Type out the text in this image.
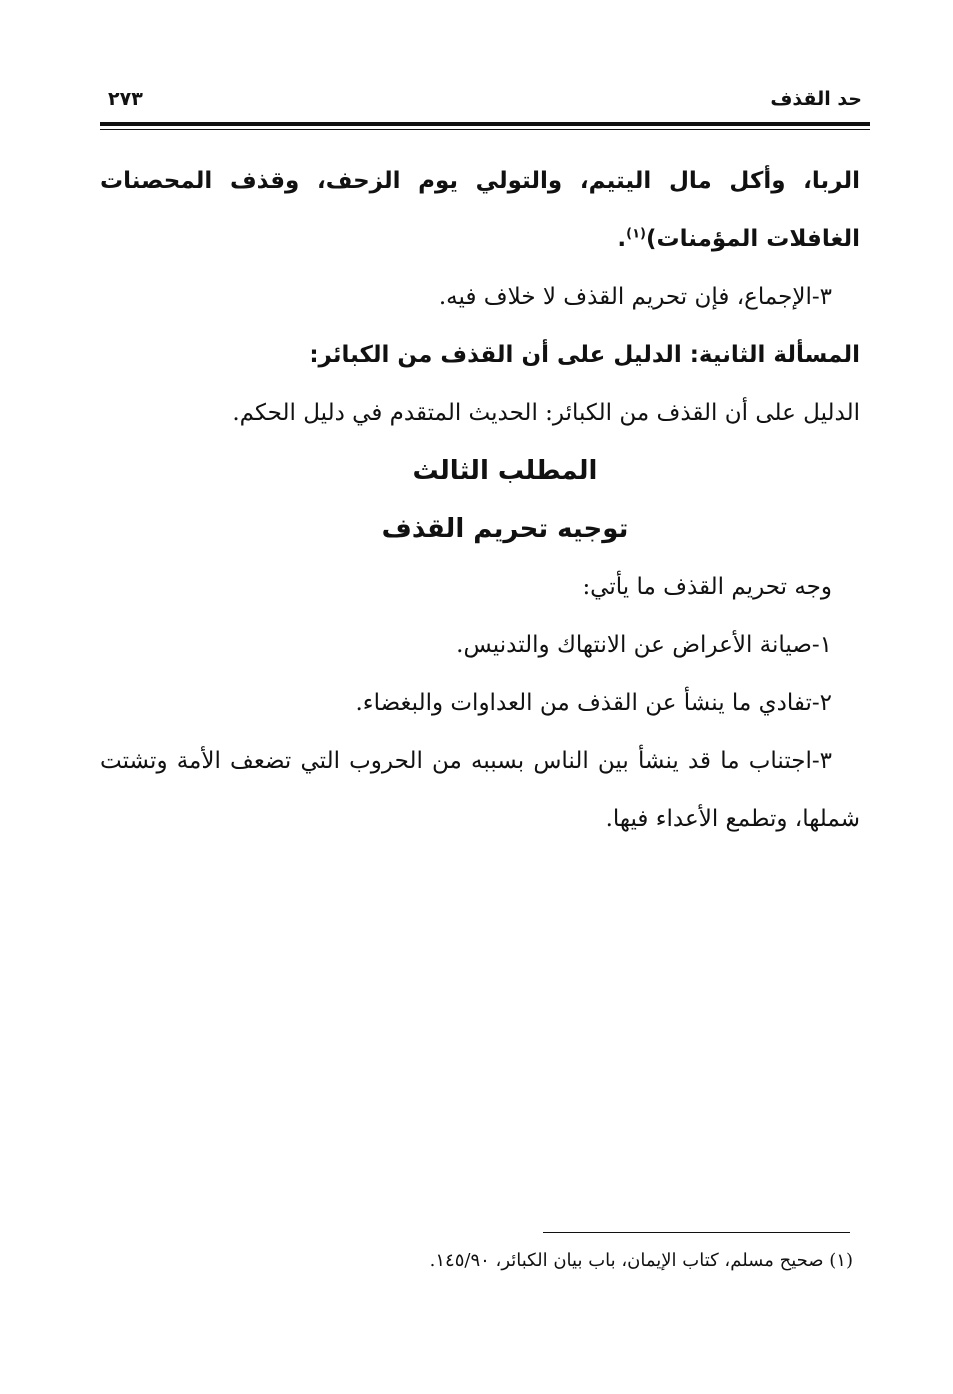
حد القذف
٢٧٣

الربا، وأكل مال اليتيم، والتولي يوم الزحف، وقذف المحصنات الغافلات المؤمنات)$^{(١)}$.

٣-الإجماع، فإن تحريم القذف لا خلاف فيه.

المسألة الثانية: الدليل على أن القذف من الكبائر:

الدليل على أن القذف من الكبائر: الحديث المتقدم في دليل الحكم.

المطلب الثالث

توجيه تحريم القذف

وجه تحريم القذف ما يأتي:

١-صيانة الأعراض عن الانتهاك والتدنيس.

٢-تفادي ما ينشأ عن القذف من العداوات والبغضاء.

٣-اجتناب ما قد ينشأ بين الناس بسببه من الحروب التي تضعف الأمة وتشتت شملها، وتطمع الأعداء فيها.

(١) صحيح مسلم، كتاب الإيمان، باب بيان الكبائر، ١٤٥/٩٠.
